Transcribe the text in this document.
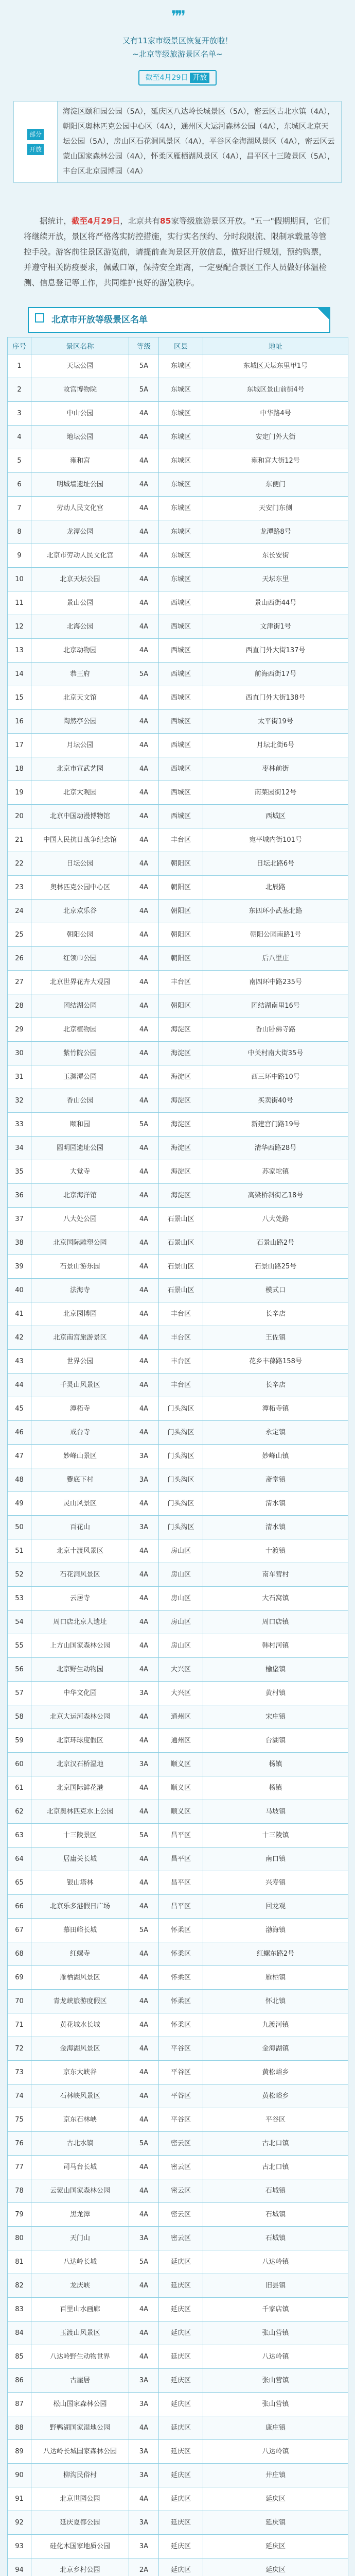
❞❞
又有11家市级景区恢复开放啦！
~北京等级旅游景区名单~
截至4月29日 开放
部分
开放	海淀区颐和园公园（5A），延庆区八达岭长城景区（5A），密云区古北水镇（4A），朝阳区奥林匹克公园中心区（4A），通州区大运河森林公园（4A），东城区北京天坛公园（5A），房山区石花洞风景区（4A），平谷区金海湖风景区（4A），密云区云蒙山国家森林公园（4A），怀柔区雁栖湖风景区（4A），昌平区十三陵景区（5A），丰台区北京园博园（4A）
据统计，截至4月29日，北京共有85家等级旅游景区开放。"五一"假期期间，它们将继续开放，景区将严格落实防控措施，实行实名预约、分时段限流、限制承载量等管控手段。游客前往景区游览前，请提前查询景区开放信息，做好出行规划，预约购票，并遵守相关防疫要求，佩戴口罩，保持安全距离，一定要配合景区工作人员做好体温检测、信息登记等工作，共同维护良好的游览秩序。
北京市开放等级景区名单
序号	景区名称	等级	区县	地址
1	天坛公园	5A	东城区	东城区天坛东里甲1号
2	故宫博物院	5A	东城区	东城区景山前街4号
3	中山公园	4A	东城区	中华路4号
4	地坛公园	4A	东城区	安定门外大街
5	雍和宫	4A	东城区	雍和宫大街12号
6	明城墙遗址公园	4A	东城区	东便门
7	劳动人民文化宫	4A	东城区	天安门东侧
8	龙潭公园	4A	东城区	龙潭路8号
9	北京市劳动人民文化宫	4A	东城区	东长安街
10	北京天坛公园	4A	东城区	天坛东里
11	景山公园	4A	西城区	景山西街44号
12	北海公园	4A	西城区	文津街1号
13	北京动物园	4A	西城区	西直门外大街137号
14	恭王府	5A	西城区	前海西街17号
15	北京天文馆	4A	西城区	西直门外大街138号
16	陶然亭公园	4A	西城区	太平街19号
17	月坛公园	4A	西城区	月坛北街6号
18	北京市宣武艺园	4A	西城区	枣林前街
19	北京大观园	4A	西城区	南菜园街12号
20	北京中国动漫博物馆	4A	西城区	西城区
21	中国人民抗日战争纪念馆	4A	丰台区	宛平城内街101号
22	日坛公园	4A	朝阳区	日坛北路6号
23	奥林匹克公园中心区	4A	朝阳区	北辰路
24	北京欢乐谷	4A	朝阳区	东四环小武基北路
25	朝阳公园	4A	朝阳区	朝阳公园南路1号
26	红领巾公园	4A	朝阳区	后八里庄
27	北京世界花卉大观园	4A	丰台区	南四环中路235号
28	团结湖公园	4A	朝阳区	团结湖南里16号
29	北京植物园	4A	海淀区	香山卧佛寺路
30	紫竹院公园	4A	海淀区	中关村南大街35号
31	玉渊潭公园	4A	海淀区	西三环中路10号
32	香山公园	4A	海淀区	买卖街40号
33	颐和园	5A	海淀区	新建宫门路19号
34	圆明园遗址公园	4A	海淀区	清华西路28号
35	大觉寺	4A	海淀区	苏家坨镇
36	北京海洋馆	4A	海淀区	高梁桥斜街乙18号
37	八大处公园	4A	石景山区	八大处路
38	北京国际雕塑公园	4A	石景山区	石景山路2号
39	石景山游乐园	4A	石景山区	石景山路25号
40	法海寺	4A	石景山区	模式口
41	北京园博园	4A	丰台区	长辛店
42	北京南宫旅游景区	4A	丰台区	王佐镇
43	世界公园	4A	丰台区	花乡丰葆路158号
44	千灵山风景区	4A	丰台区	长辛店
45	潭柘寺	4A	门头沟区	潭柘寺镇
46	戒台寺	4A	门头沟区	永定镇
47	妙峰山景区	3A	门头沟区	妙峰山镇
48	爨底下村	3A	门头沟区	斋堂镇
49	灵山风景区	4A	门头沟区	清水镇
50	百花山	3A	门头沟区	清水镇
51	北京十渡风景区	4A	房山区	十渡镇
52	石花洞风景区	4A	房山区	南车营村
53	云居寺	4A	房山区	大石窝镇
54	周口店北京人遗址	4A	房山区	周口店镇
55	上方山国家森林公园	4A	房山区	韩村河镇
56	北京野生动物园	4A	大兴区	榆垡镇
57	中华文化园	3A	大兴区	黄村镇
58	北京大运河森林公园	4A	通州区	宋庄镇
59	北京环球度假区	4A	通州区	台湖镇
60	北京汉石桥湿地	3A	顺义区	杨镇
61	北京国际鲜花港	4A	顺义区	杨镇
62	北京奥林匹克水上公园	4A	顺义区	马坡镇
63	十三陵景区	5A	昌平区	十三陵镇
64	居庸关长城	4A	昌平区	南口镇
65	银山塔林	4A	昌平区	兴寿镇
66	北京乐多港假日广场	4A	昌平区	回龙观
67	慕田峪长城	5A	怀柔区	渤海镇
68	红螺寺	4A	怀柔区	红螺东路2号
69	雁栖湖风景区	4A	怀柔区	雁栖镇
70	青龙峡旅游度假区	4A	怀柔区	怀北镇
71	黄花城水长城	4A	怀柔区	九渡河镇
72	金海湖风景区	4A	平谷区	金海湖镇
73	京东大峡谷	4A	平谷区	黄松峪乡
74	石林峡风景区	4A	平谷区	黄松峪乡
75	京东石林峡	4A	平谷区	平谷区
76	古北水镇	5A	密云区	古北口镇
77	司马台长城	4A	密云区	古北口镇
78	云蒙山国家森林公园	4A	密云区	石城镇
79	黑龙潭	4A	密云区	石城镇
80	天门山	3A	密云区	石城镇
81	八达岭长城	5A	延庆区	八达岭镇
82	龙庆峡	4A	延庆区	旧县镇
83	百里山水画廊	4A	延庆区	千家店镇
84	玉渡山风景区	4A	延庆区	张山营镇
85	八达岭野生动物世界	4A	延庆区	八达岭镇
86	古崖居	3A	延庆区	张山营镇
87	松山国家森林公园	3A	延庆区	张山营镇
88	野鸭湖国家湿地公园	4A	延庆区	康庄镇
89	八达岭长城国家森林公园	3A	延庆区	八达岭镇
90	柳沟民俗村	3A	延庆区	井庄镇
91	北京世园公园	4A	延庆区	延庆区
92	延庆夏都公园	3A	延庆区	延庆镇
93	硅化木国家地质公园	3A	延庆区	延庆区
94	北京乡村公园	2A	延庆区	延庆区
